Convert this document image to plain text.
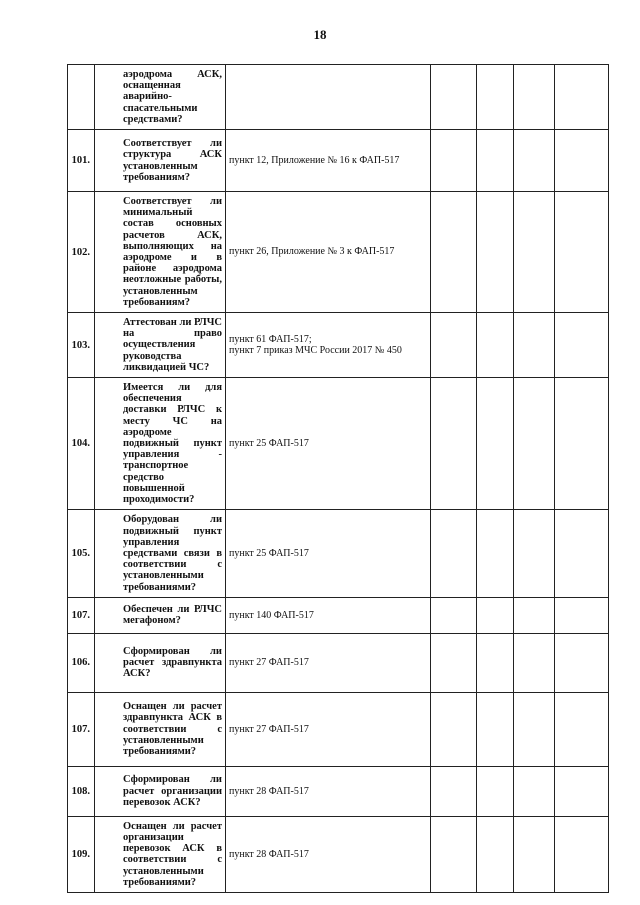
18

	аэродрома АСК, оснащенная аварийно-спасательными средствами?					

101.	Соответствует ли структура АСК установленным требованиям?	пункт 12, Приложение № 16 к ФАП-517				
102.	Соответствует ли минимальный состав основных расчетов АСК, выполняющих на аэродроме и в районе аэродрома неотложные работы, установленным требованиям?	пункт 26, Приложение № 3 к ФАП-517				
103.	Аттестован ли РЛЧС на право осуществления руководства ликвидацией ЧС?	пункт 61 ФАП-517;
пункт 7 приказ МЧС России 2017 № 450				
104.	Имеется ли для обеспечения доставки РЛЧС к месту ЧС на аэродроме подвижный пункт управления - транспортное средство повышенной проходимости?	пункт 25 ФАП-517				
105.	Оборудован ли подвижный пункт управления средствами связи в соответствии с установленными требованиями?	пункт 25 ФАП-517				
107.	Обеспечен ли РЛЧС мегафоном?	пункт 140 ФАП-517				
106.	Сформирован ли расчет здравпункта АСК?	пункт 27 ФАП-517				
107.	Оснащен ли расчет здравпункта АСК в соответствии с установленными требованиями?	пункт 27 ФАП-517				
108.	Сформирован ли расчет организации перевозок АСК?	пункт 28 ФАП-517				
109.	Оснащен ли расчет организации перевозок АСК в соответствии с установленными требованиями?	пункт 28 ФАП-517				
